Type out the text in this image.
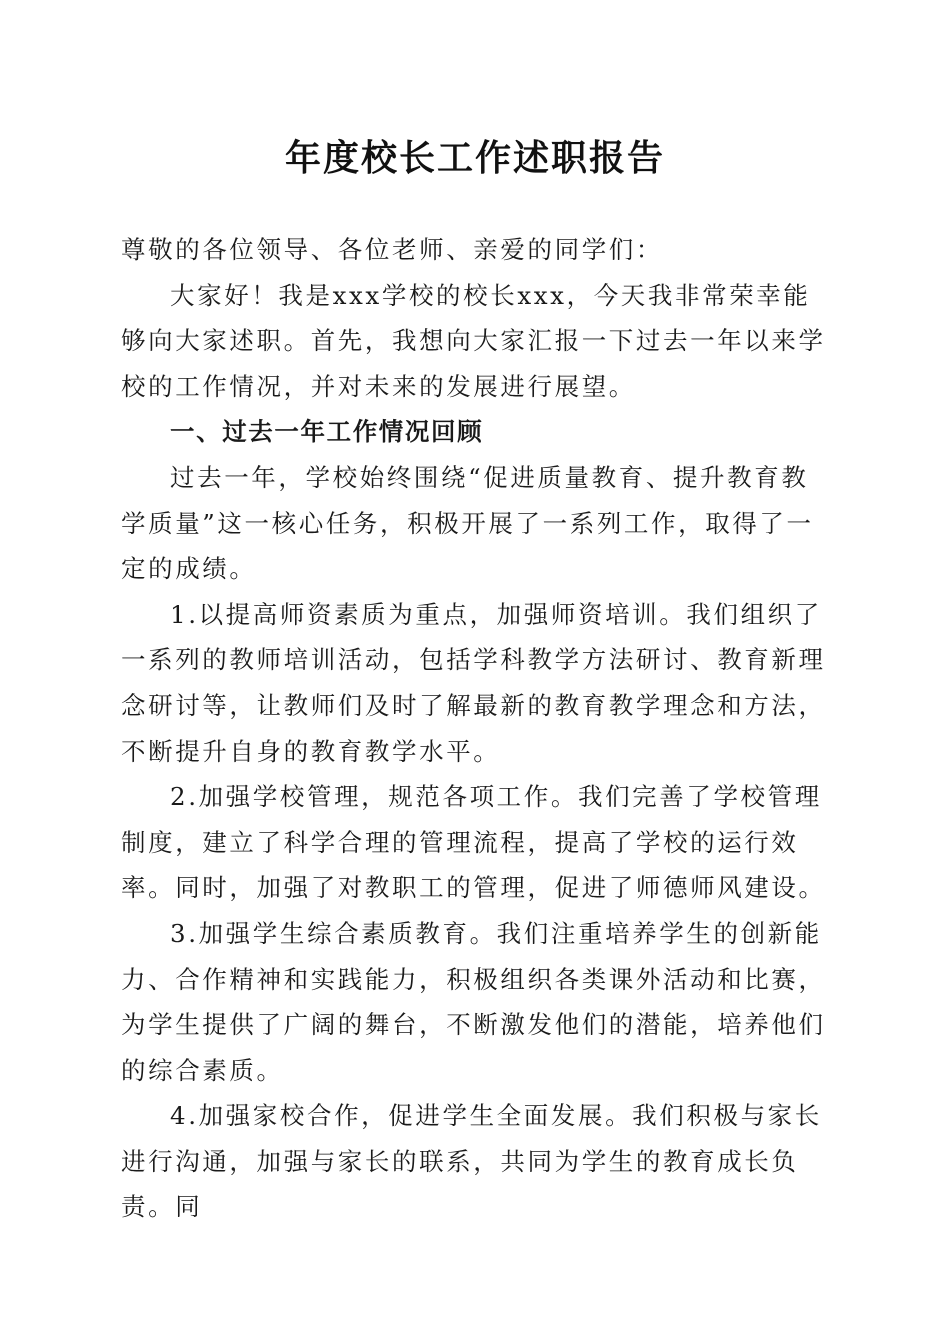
年度校长工作述职报告

尊敬的各位领导、各位老师、亲爱的同学们：

大家好！我是xxx学校的校长xxx，今天我非常荣幸能够向大家述职。首先，我想向大家汇报一下过去一年以来学校的工作情况，并对未来的发展进行展望。

一、过去一年工作情况回顾

过去一年，学校始终围绕“促进质量教育、提升教育教学质量”这一核心任务，积极开展了一系列工作，取得了一定的成绩。

1.以提高师资素质为重点，加强师资培训。我们组织了一系列的教师培训活动，包括学科教学方法研讨、教育新理念研讨等，让教师们及时了解最新的教育教学理念和方法，不断提升自身的教育教学水平。

2.加强学校管理，规范各项工作。我们完善了学校管理制度，建立了科学合理的管理流程，提高了学校的运行效率。同时，加强了对教职工的管理，促进了师德师风建设。

3.加强学生综合素质教育。我们注重培养学生的创新能力、合作精神和实践能力，积极组织各类课外活动和比赛，为学生提供了广阔的舞台，不断激发他们的潜能，培养他们的综合素质。

4.加强家校合作，促进学生全面发展。我们积极与家长进行沟通，加强与家长的联系，共同为学生的教育成长负责。同
